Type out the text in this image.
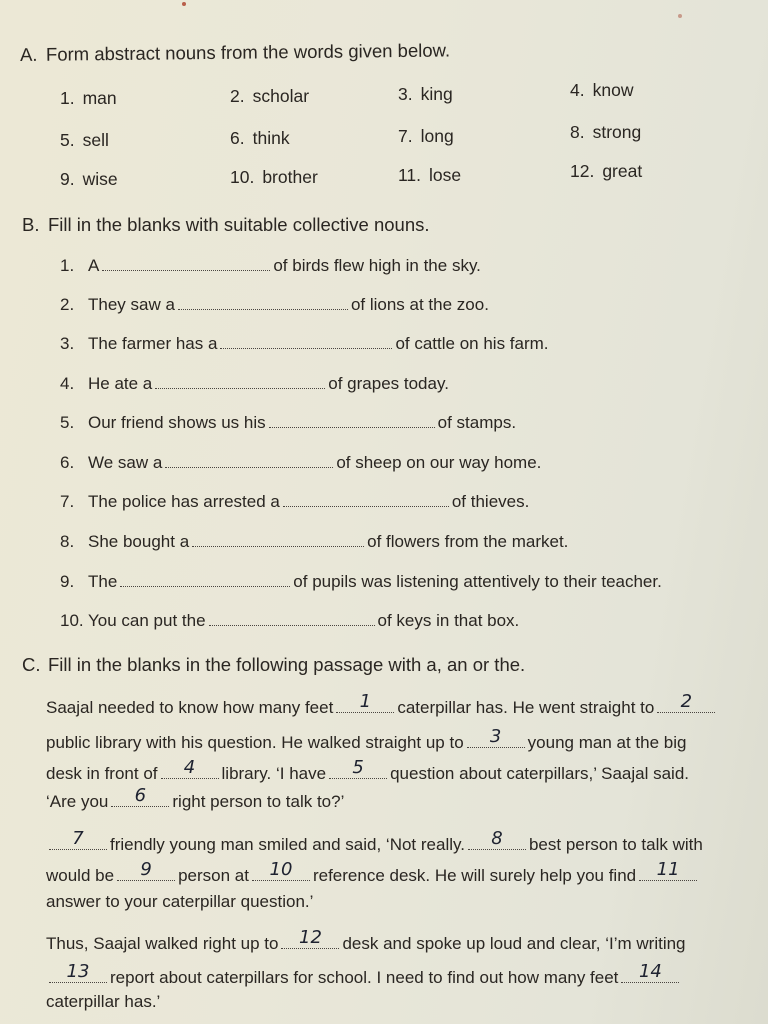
A. Form abstract nouns from the words given below.
1. man	2. scholar	3. king	4. know
5. sell	6. think	7. long	8. strong
9. wise	10. brother	11. lose	12. great
B. Fill in the blanks with suitable collective nouns.
1. A	of birds flew high in the sky.
2. They saw a	of lions at the zoo.
3. The farmer has a	of cattle on his farm.
4. He ate a	of grapes today.
5. Our friend shows us his	of stamps.
6. We saw a	of sheep on our way home.
7. The police has arrested a	of thieves.
8. She bought a	of flowers from the market.
9. The	of pupils was listening attentively to their teacher.
10. You can put the	of keys in that box.
C. Fill in the blanks in the following passage with a, an or the.
Saajal needed to know how many feet	1	caterpillar has. He went straight to	2
public library with his question. He walked straight up to	3	young man at the big
desk in front of	4	library. ‘I have	5	question about caterpillars,’ Saajal said.
‘Are you	6	right person to talk to?’
7	friendly young man smiled and said, ‘Not really.	8	best person to talk with
would be	9	person at	10	reference desk. He will surely help you find	11
answer to your caterpillar question.’
Thus, Saajal walked right up to	12	desk and spoke up loud and clear, ‘I’m writing
13	report about caterpillars for school. I need to find out how many feet	14
caterpillar has.’
